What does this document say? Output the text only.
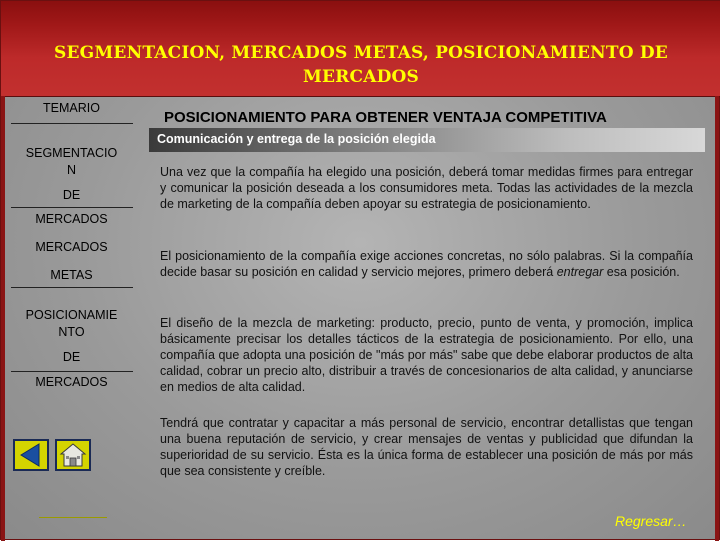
SEGMENTACION, MERCADOS METAS, POSICIONAMIENTO DE MERCADOS
TEMARIO
SEGMENTACIO
N
DE
MERCADOS
MERCADOS
METAS
POSICIONAMIE
NTO
DE
MERCADOS
POSICIONAMIENTO PARA OBTENER VENTAJA COMPETITIVA
Comunicación y entrega de la posición elegida
Una vez que la compañía ha elegido una posición, deberá tomar medidas firmes para entregar y comunicar la posición deseada a los consumidores meta. Todas las actividades de la mezcla de marketing de la compañía deben apoyar su estrategia de posicionamiento.
El posicionamiento de la compañía exige acciones concretas, no sólo palabras. Si la compañía decide basar su posición en calidad y servicio mejores, primero deberá entregar esa posición.
El diseño de la mezcla de marketing: producto, precio, punto de venta, y promoción, implica básicamente precisar los detalles tácticos de la estrategia de posicionamiento. Por ello, una compañía que adopta una posición de "más por más" sabe que debe elaborar productos de alta calidad, cobrar un precio alto, distribuir a través de concesionarios de alta calidad, y anunciarse en medios de alta calidad.
Tendrá que contratar y capacitar a más personal de servicio, encontrar detallistas que tengan una buena reputación de servicio, y crear mensajes de ventas y publicidad que difundan la superioridad de su servicio. Ésta es la única forma de establecer una posición de más por más que sea consistente y creíble.
Regresar…
